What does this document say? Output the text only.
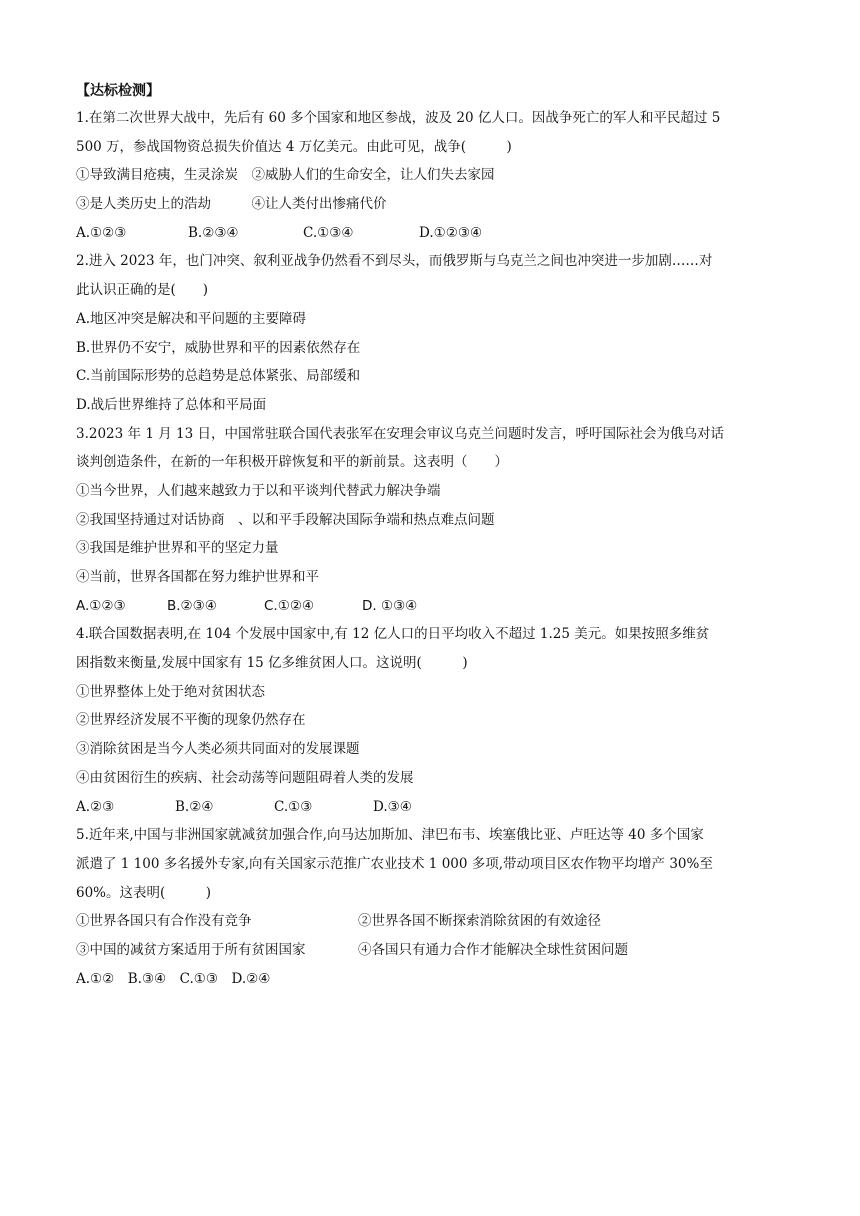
【达标检测】
1.在第二次世界大战中，先后有 60 多个国家和地区参战，波及 20 亿人口。因战争死亡的军人和平民超过 5
500 万，参战国物资总损失价值达 4 万亿美元。由此可见，战争(　　　)
①导致满目疮痍，生灵涂炭　②威胁人们的生命安全，让人们失去家园
③是人类历史上的浩劫　　　④让人类付出惨痛代价
A.①②③	B.②③④	C.①③④	D.①②③④
2.进入 2023 年，也门冲突、叙利亚战争仍然看不到尽头，而俄罗斯与乌克兰之间也冲突进一步加剧……对
此认识正确的是(　　)
A.地区冲突是解决和平问题的主要障碍
B.世界仍不安宁，威胁世界和平的因素依然存在
C.当前国际形势的总趋势是总体紧张、局部缓和
D.战后世界维持了总体和平局面
3.2023 年 1 月 13 日，中国常驻联合国代表张军在安理会审议乌克兰问题时发言，呼吁国际社会为俄乌对话
谈判创造条件，在新的一年积极开辟恢复和平的新前景。这表明（　　）
①当今世界，人们越来越致力于以和平谈判代替武力解决争端
②我国坚持通过对话协商　、以和平手段解决国际争端和热点难点问题
③我国是维护世界和平的坚定力量
④当前，世界各国都在努力维护世界和平
A.①②③	B.②③④	C.①②④	D. ①③④
4.联合国数据表明,在 104 个发展中国家中,有 12 亿人口的日平均收入不超过 1.25 美元。如果按照多维贫
困指数来衡量,发展中国家有 15 亿多维贫困人口。这说明(　　　)
①世界整体上处于绝对贫困状态
②世界经济发展不平衡的现象仍然存在
③消除贫困是当今人类必须共同面对的发展课题
④由贫困衍生的疾病、社会动荡等问题阻碍着人类的发展
A.②③	B.②④	C.①③	D.③④
5.近年来,中国与非洲国家就减贫加强合作,向马达加斯加、津巴布韦、埃塞俄比亚、卢旺达等 40 多个国家
派遣了 1 100 多名援外专家,向有关国家示范推广农业技术 1 000 多项,带动项目区农作物平均增产 30%至
60%。这表明(　　　)
①世界各国只有合作没有竞争	②世界各国不断探索消除贫困的有效途径
③中国的减贫方案适用于所有贫困国家	④各国只有通力合作才能解决全球性贫困问题
A.①②　B.③④　C.①③　D.②④
